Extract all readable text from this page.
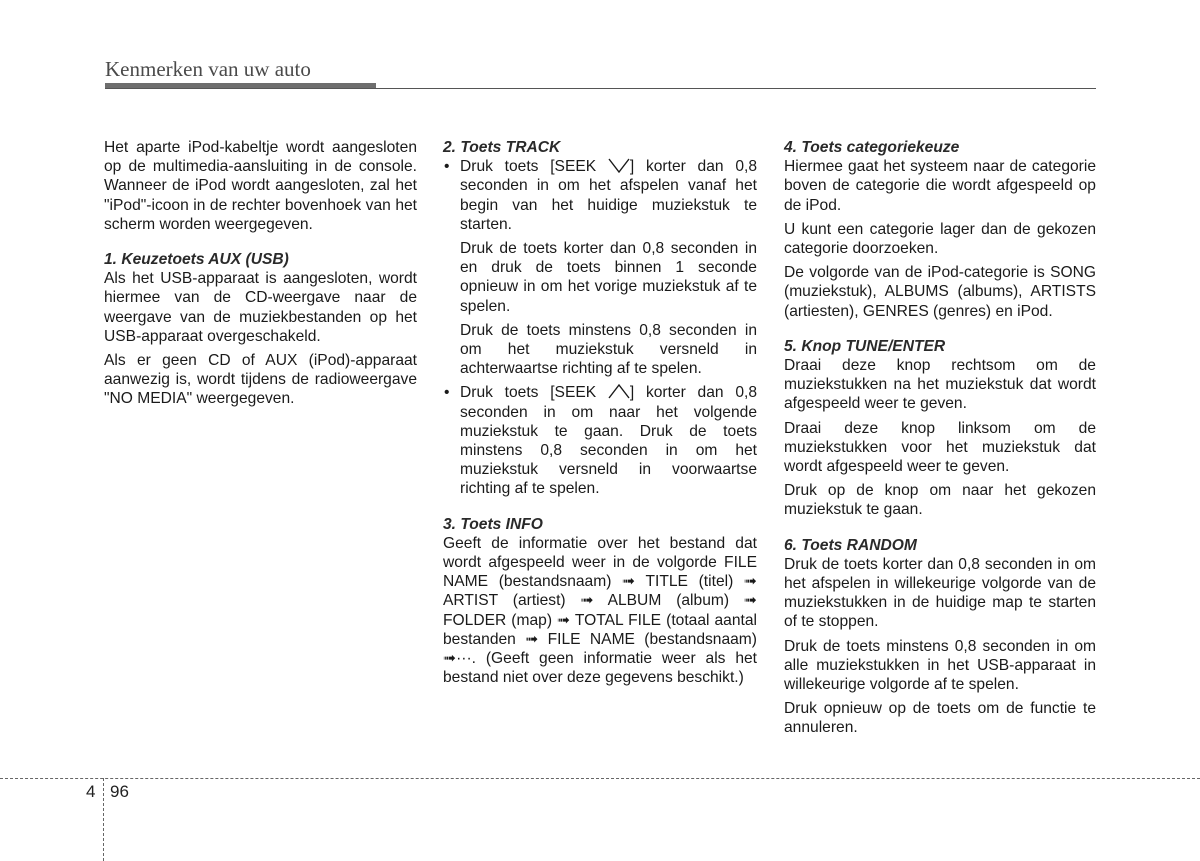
Kenmerken van uw auto

Het aparte iPod-kabeltje wordt aangesloten op de multimedia-aansluiting in de console. Wanneer de iPod wordt aangesloten, zal het "iPod"-icoon in de rechter bovenhoek van het scherm worden weergegeven.

1. Keuzetoets AUX (USB)

Als het USB-apparaat is aangesloten, wordt hiermee van de CD-weergave naar de weergave van de muziekbestanden op het USB-apparaat overgeschakeld.

Als er geen CD of AUX (iPod)-apparaat aanwezig is, wordt tijdens de radioweergave "NO MEDIA" weergegeven.

2. Toets TRACK
• Druk toets [SEEK ] korter dan 0,8 seconden in om het afspelen vanaf het begin van het huidige muziekstuk te starten.

Druk de toets korter dan 0,8 seconden in en druk de toets binnen 1 seconde opnieuw in om het vorige muziekstuk af te spelen.

Druk de toets minstens 0,8 seconden in om het muziekstuk versneld in achterwaartse richting af te spelen.

• Druk toets [SEEK ] korter dan 0,8 seconden in om naar het volgende muziekstuk te gaan. Druk de toets minstens 0,8 seconden in om het muziekstuk versneld in voorwaartse richting af te spelen.

3. Toets INFO

Geeft de informatie over het bestand dat wordt afgespeeld weer in de volgorde FILE NAME (bestandsnaam) ➟ TITLE (titel) ➟ ARTIST (artiest) ➟ ALBUM (album) ➟ FOLDER (map) ➟ TOTAL FILE (totaal aantal bestanden ➟ FILE NAME (bestandsnaam) ➟···. (Geeft geen informatie weer als het bestand niet over deze gegevens beschikt.)

4. Toets categoriekeuze

Hiermee gaat het systeem naar de categorie boven de categorie die wordt afgespeeld op de iPod.

U kunt een categorie lager dan de gekozen categorie doorzoeken.

De volgorde van de iPod-categorie is SONG (muziekstuk), ALBUMS (albums), ARTISTS (artiesten), GENRES (genres) en iPod.

5. Knop TUNE/ENTER

Draai deze knop rechtsom om de muziekstukken na het muziekstuk dat wordt afgespeeld weer te geven.

Draai deze knop linksom om de muziekstukken voor het muziekstuk dat wordt afgespeeld weer te geven.

Druk op de knop om naar het gekozen muziekstuk te gaan.

6. Toets RANDOM

Druk de toets korter dan 0,8 seconden in om het afspelen in willekeurige volgorde van de muziekstukken in de huidige map te starten of te stoppen.

Druk de toets minstens 0,8 seconden in om alle muziekstukken in het USB-apparaat in willekeurige volgorde af te spelen.

Druk opnieuw op de toets om de functie te annuleren.

4 96
